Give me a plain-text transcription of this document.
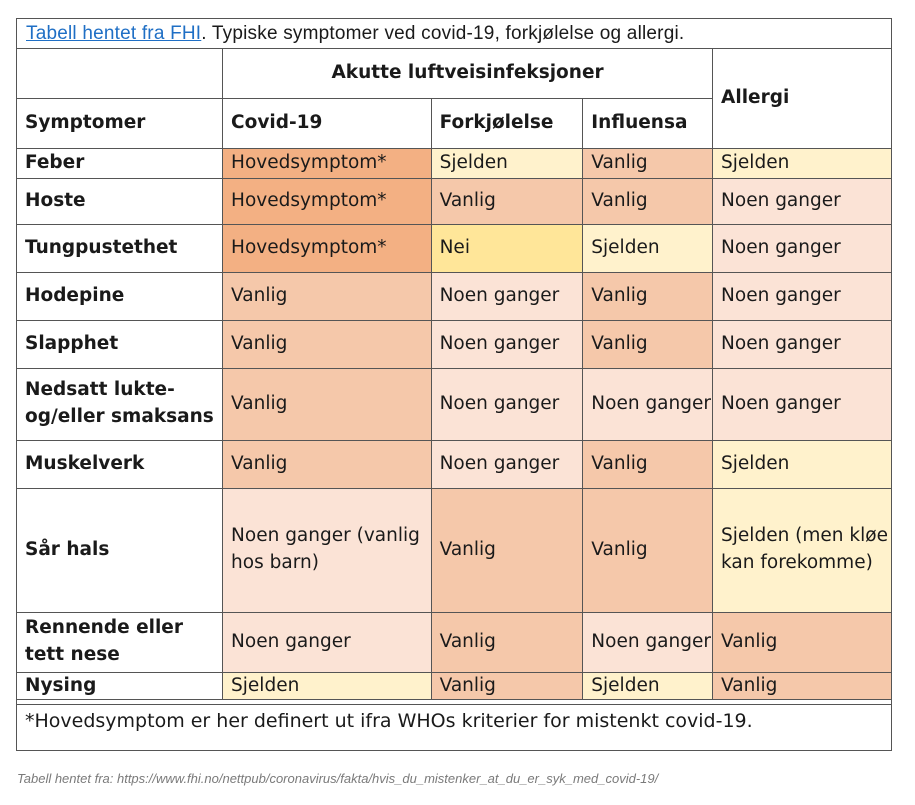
Tabell hentet fra FHI. Typiske symptomer ved covid-19, forkjølelse og allergi.
	Akutte luftveisinfeksjoner			Allergi
Symptomer	Covid-19	Forkjølelse	Influensa	
Feber	Hovedsymptom*	Sjelden	Vanlig	Sjelden
Hoste	Hovedsymptom*	Vanlig	Vanlig	Noen ganger
Tungpustethet	Hovedsymptom*	Nei	Sjelden	Noen ganger
Hodepine	Vanlig	Noen ganger	Vanlig	Noen ganger
Slapphet	Vanlig	Noen ganger	Vanlig	Noen ganger
Nedsatt lukte- og/eller smaksans	Vanlig	Noen ganger	Noen ganger	Noen ganger
Muskelverk	Vanlig	Noen ganger	Vanlig	Sjelden
Sår hals	Noen ganger (vanlig hos barn)	Vanlig	Vanlig	Sjelden (men kløe kan forekomme)
Rennende eller tett nese	Noen ganger	Vanlig	Noen ganger	Vanlig
Nysing	Sjelden	Vanlig	Sjelden	Vanlig
*Hovedsymptom er her definert ut ifra WHOs kriterier for mistenkt covid-19.
Tabell hentet fra: https://www.fhi.no/nettpub/coronavirus/fakta/hvis_du_mistenker_at_du_er_syk_med_covid-19/
